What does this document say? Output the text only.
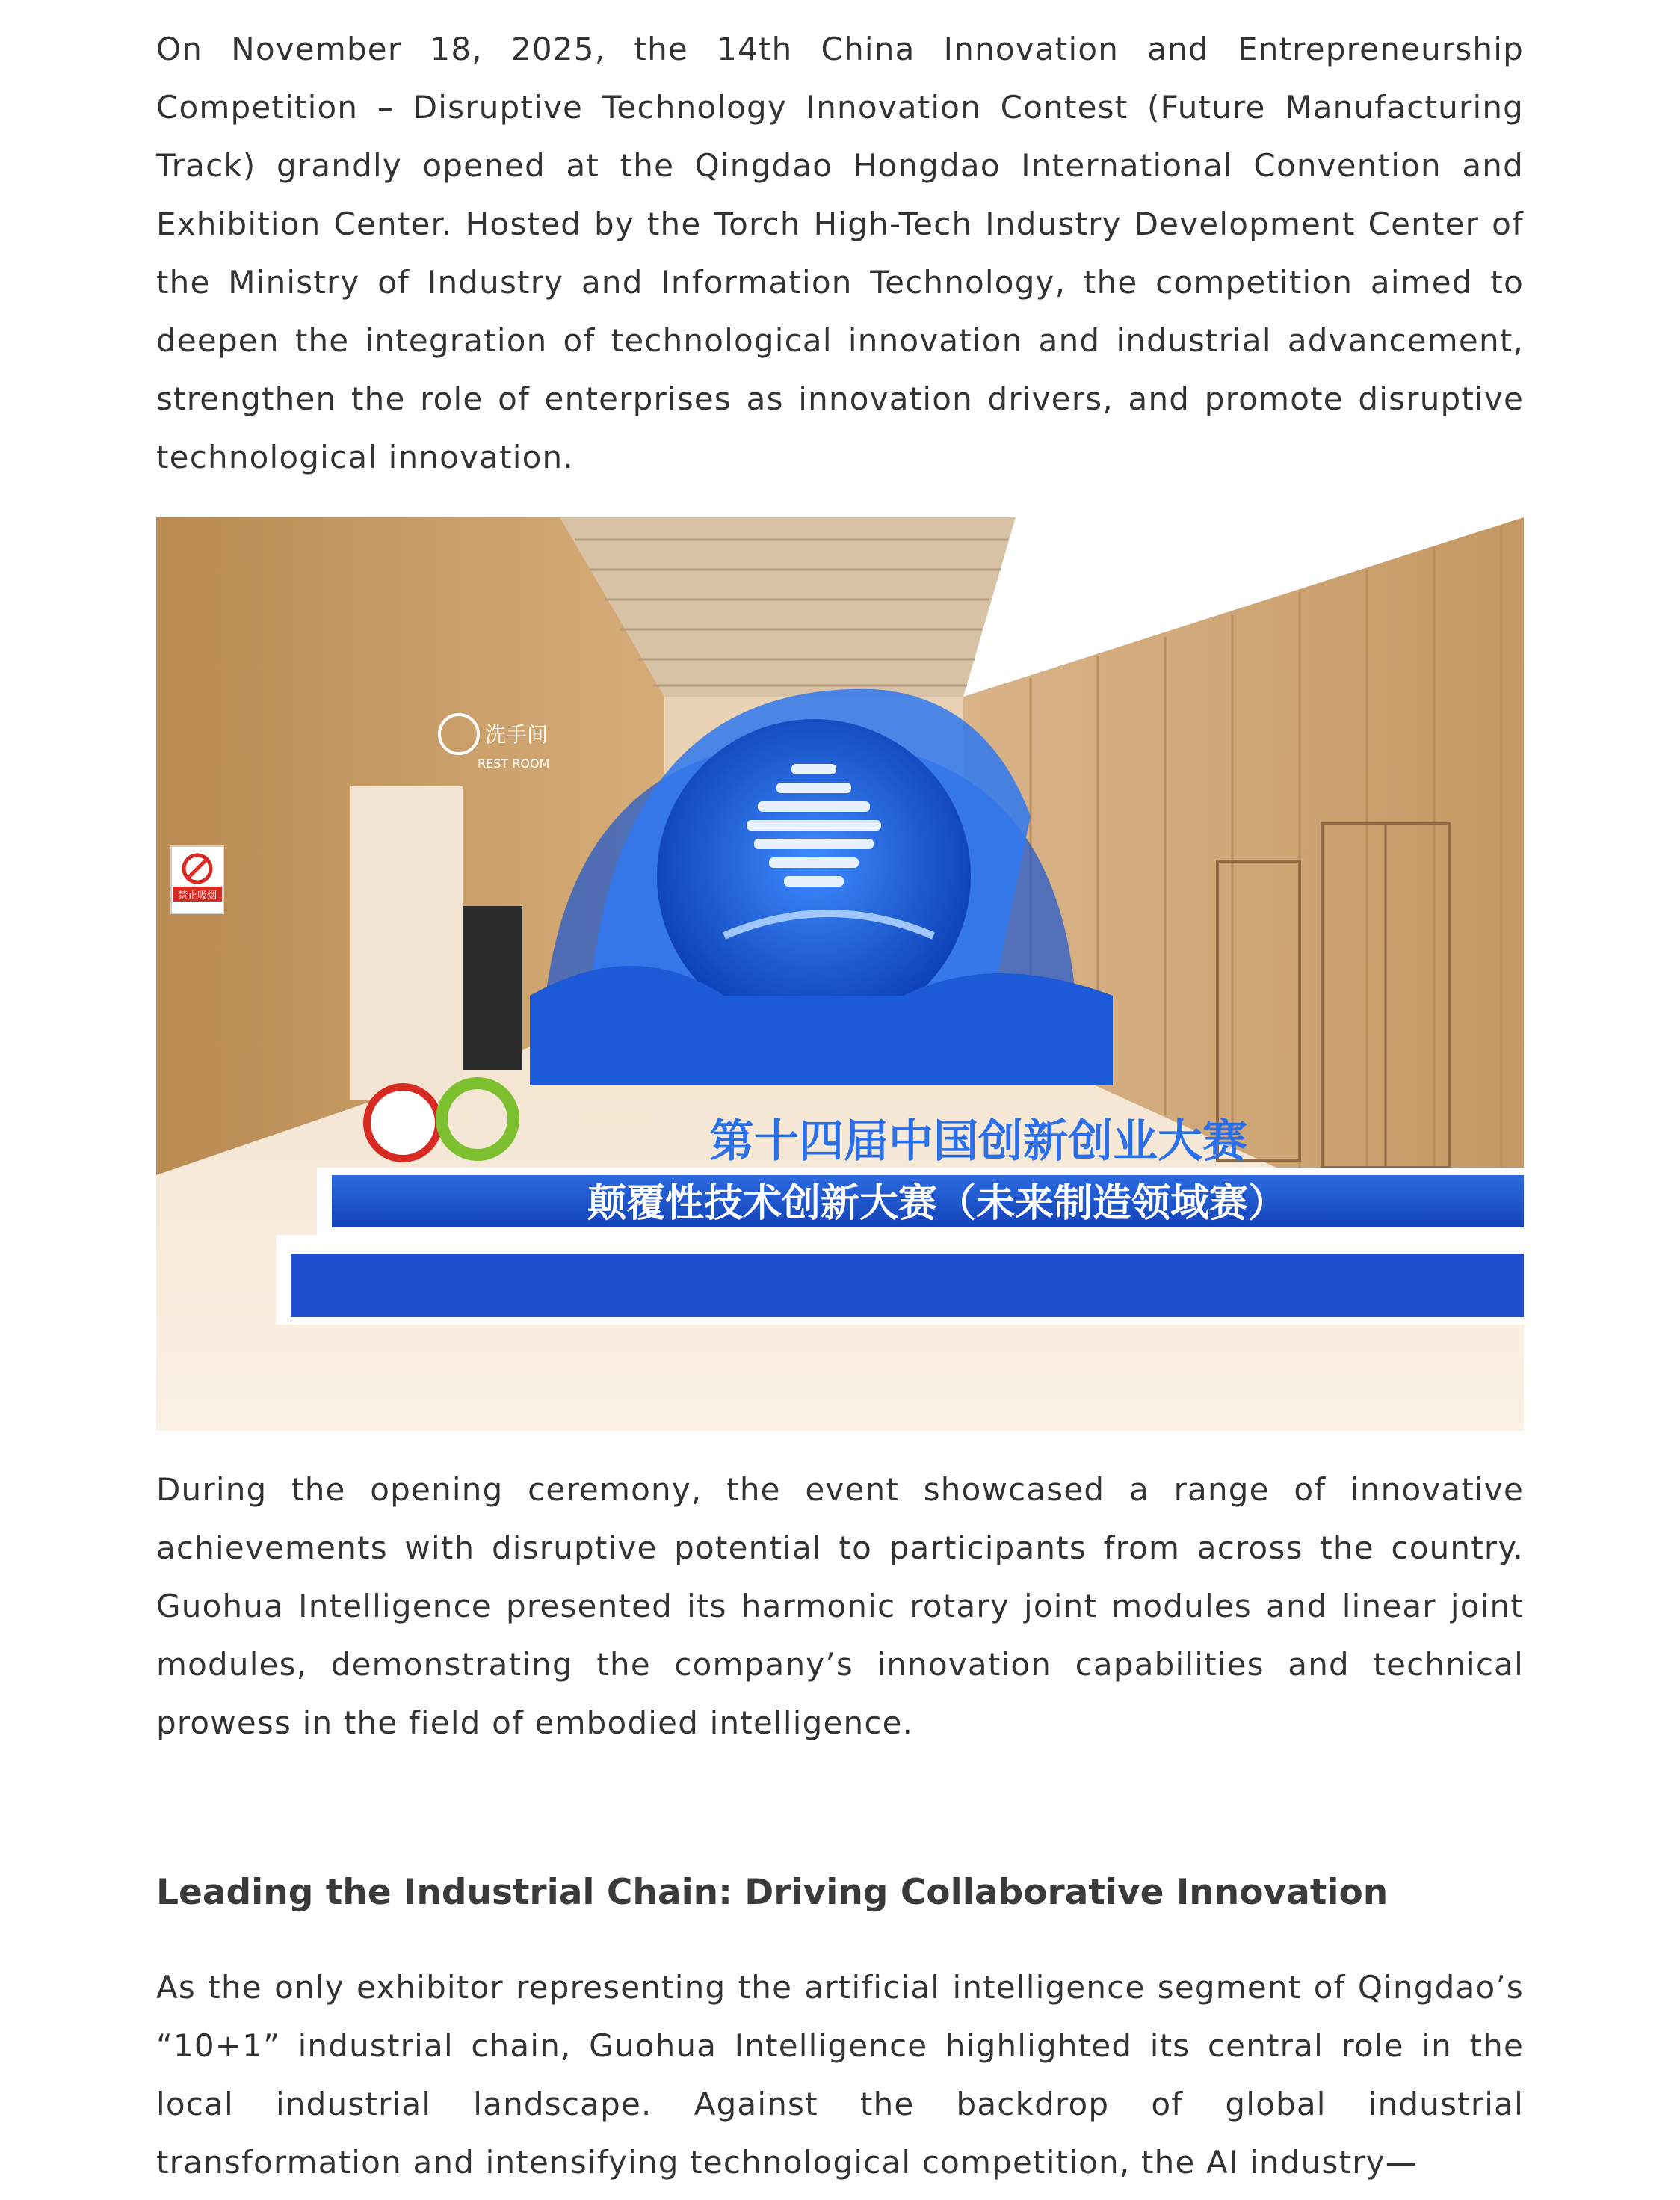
On November 18, 2025, the 14th China Innovation and Entrepreneurship Competition – Disruptive Technology Innovation Contest (Future Manufacturing Track) grandly opened at the Qingdao Hongdao International Convention and Exhibition Center. Hosted by the Torch High-Tech Industry Development Center of the Ministry of Industry and Information Technology, the competition aimed to deepen the integration of technological innovation and industrial advancement, strengthen the role of enterprises as innovation drivers, and promote disruptive technological innovation.

禁止吸烟
洗手间
REST ROOM
第十四届中国创新创业大赛
颠覆性技术创新大赛（未来制造领域赛）

During the opening ceremony, the event showcased a range of innovative achievements with disruptive potential to participants from across the country. Guohua Intelligence presented its harmonic rotary joint modules and linear joint modules, demonstrating the company’s innovation capabilities and technical prowess in the field of embodied intelligence.

Leading the Industrial Chain: Driving Collaborative Innovation

As the only exhibitor representing the artificial intelligence segment of Qingdao’s “10+1” industrial chain, Guohua Intelligence highlighted its central role in the local industrial landscape. Against the backdrop of global industrial transformation and intensifying technological competition, the AI industry—
